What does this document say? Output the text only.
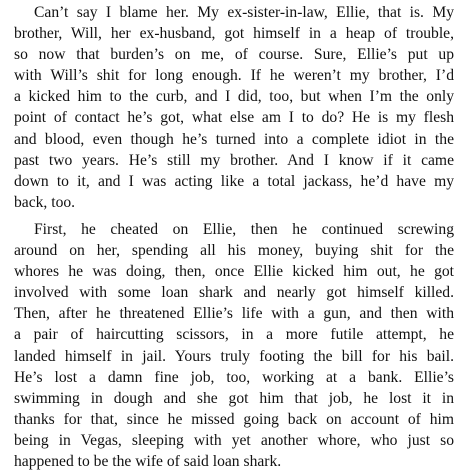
Can’t say I blame her. My ex-sister-in-law, Ellie, that is. My
brother, Will, her ex-husband, got himself in a heap of trouble,
so now that burden’s on me, of course. Sure, Ellie’s put up
with Will’s shit for long enough. If he weren’t my brother, I’d
a kicked him to the curb, and I did, too, but when I’m the only
point of contact he’s got, what else am I to do? He is my flesh
and blood, even though he’s turned into a complete idiot in the
past two years. He’s still my brother. And I know if it came
down to it, and I was acting like a total jackass, he’d have my
back, too.
First, he cheated on Ellie, then he continued screwing
around on her, spending all his money, buying shit for the
whores he was doing, then, once Ellie kicked him out, he got
involved with some loan shark and nearly got himself killed.
Then, after he threatened Ellie’s life with a gun, and then with
a pair of haircutting scissors, in a more futile attempt, he
landed himself in jail. Yours truly footing the bill for his bail.
He’s lost a damn fine job, too, working at a bank. Ellie’s
swimming in dough and she got him that job, he lost it in
thanks for that, since he missed going back on account of him
being in Vegas, sleeping with yet another whore, who just so
happened to be the wife of said loan shark.
